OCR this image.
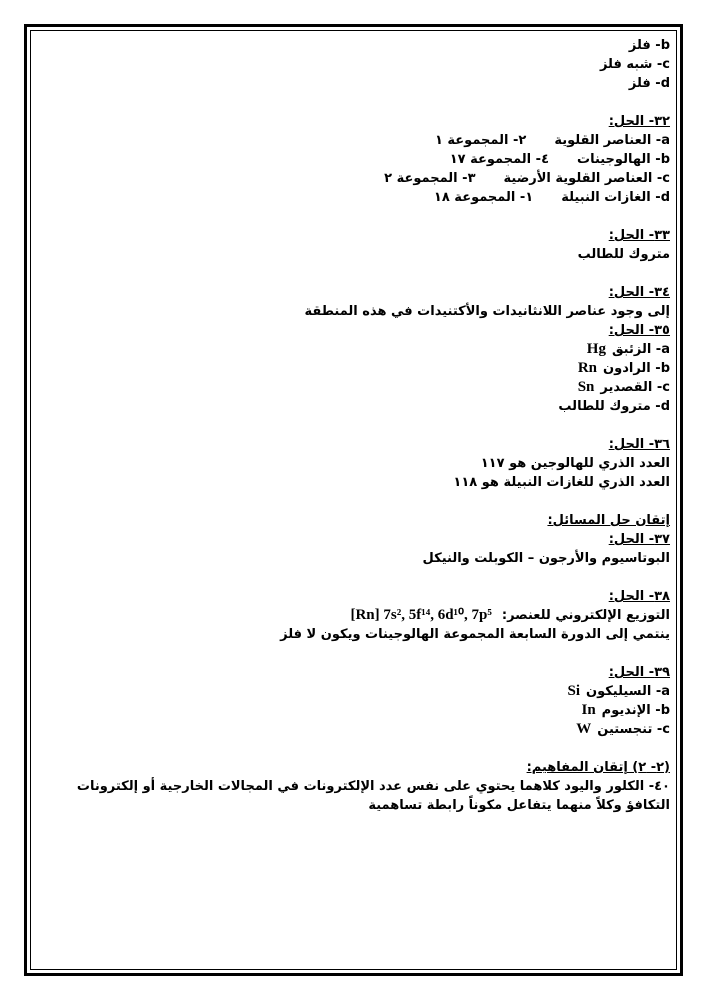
b- فلز
c- شبه فلز
d- فلز
٣٢- الحل:
a- العناصر القلوية٢- المجموعة ١
b- الهالوجينات٤- المجموعة ١٧
c- العناصر القلوية الأرضية٣- المجموعة ٢
d- الغازات النبيلة١- المجموعة ١٨
٣٣- الحل:
متروك للطالب
٣٤- الحل:
إلى وجود عناصر اللانثانيدات والأكتنيدات في هذه المنطقة
٣٥- الحل:
a- الزئبقHg
b- الرادونRn
c- القصديرSn
d- متروك للطالب
٣٦- الحل:
العدد الذري للهالوجين هو ١١٧
العدد الذري للغازات النبيلة هو ١١٨
إتقان حل المسائل:
٣٧- الحل:
البوتاسيوم والأرجون – الكوبلت والنيكل
٣٨- الحل:
التوزيع الإلكتروني للعنصر:[Rn] 7s², 5f¹⁴, 6d¹⁰, 7p⁵
ينتمي إلى الدورة السابعة المجموعة الهالوجينات ويكون لا فلز
٣٩- الحل:
a- السيليكونSi
b- الإنديومIn
c- تنجستينW
(٢- ٢) إتقان المفاهيم:
٤٠- الكلور واليود كلاهما يحتوي على نفس عدد الإلكترونات في المجالات الخارجية أو إلكترونات التكافؤ وكلاً منهما يتفاعل مكوناً رابطة تساهمية
